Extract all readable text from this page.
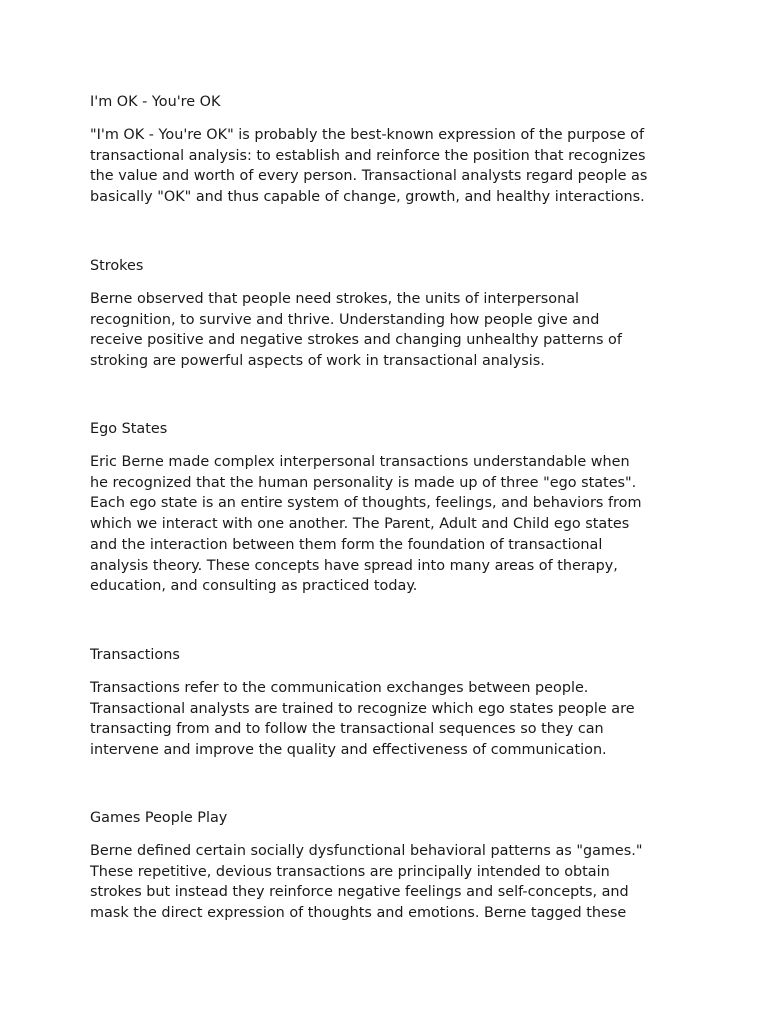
I'm OK - You're OK

"I'm OK - You're OK" is probably the best-known expression of the purpose of
transactional analysis: to establish and reinforce the position that recognizes
the value and worth of every person. Transactional analysts regard people as
basically "OK" and thus capable of change, growth, and healthy interactions.

Strokes

Berne observed that people need strokes, the units of interpersonal
recognition, to survive and thrive. Understanding how people give and
receive positive and negative strokes and changing unhealthy patterns of
stroking are powerful aspects of work in transactional analysis.

Ego States

Eric Berne made complex interpersonal transactions understandable when
he recognized that the human personality is made up of three "ego states".
Each ego state is an entire system of thoughts, feelings, and behaviors from
which we interact with one another. The Parent, Adult and Child ego states
and the interaction between them form the foundation of transactional
analysis theory. These concepts have spread into many areas of therapy,
education, and consulting as practiced today.

Transactions

Transactions refer to the communication exchanges between people.
Transactional analysts are trained to recognize which ego states people are
transacting from and to follow the transactional sequences so they can
intervene and improve the quality and effectiveness of communication.

Games People Play

Berne defined certain socially dysfunctional behavioral patterns as "games."
These repetitive, devious transactions are principally intended to obtain
strokes but instead they reinforce negative feelings and self-concepts, and
mask the direct expression of thoughts and emotions. Berne tagged these
